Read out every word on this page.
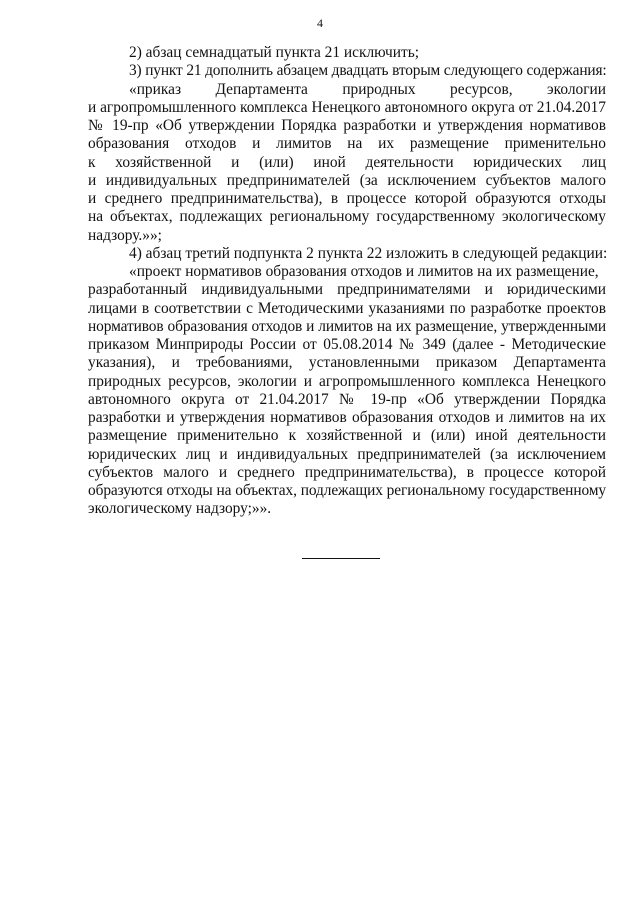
4
2) абзац семнадцатый пункта 21 исключить;
3) пункт 21 дополнить абзацем двадцать вторым следующего содержания:
«приказ Департамента природных ресурсов, экологии
и агропромышленного комплекса Ненецкого автономного округа от 21.04.2017
№ 19-пр «Об утверждении Порядка разработки и утверждения нормативов
образования отходов и лимитов на их размещение применительно
к хозяйственной и (или) иной деятельности юридических лиц
и индивидуальных предпринимателей (за исключением субъектов малого
и среднего предпринимательства), в процессе которой образуются отходы
на объектах, подлежащих региональному государственному экологическому
надзору.»»;
4) абзац третий подпункта 2 пункта 22 изложить в следующей редакции:
«проект нормативов образования отходов и лимитов на их размещение,
разработанный индивидуальными предпринимателями и юридическими
лицами в соответствии с Методическими указаниями по разработке проектов
нормативов образования отходов и лимитов на их размещение, утвержденными
приказом Минприроды России от 05.08.2014 № 349 (далее - Методические
указания), и требованиями, установленными приказом Департамента
природных ресурсов, экологии и агропромышленного комплекса Ненецкого
автономного округа от 21.04.2017 № 19-пр «Об утверждении Порядка
разработки и утверждения нормативов образования отходов и лимитов на их
размещение применительно к хозяйственной и (или) иной деятельности
юридических лиц и индивидуальных предпринимателей (за исключением
субъектов малого и среднего предпринимательства), в процессе которой
образуются отходы на объектах, подлежащих региональному государственному
экологическому надзору;»».
